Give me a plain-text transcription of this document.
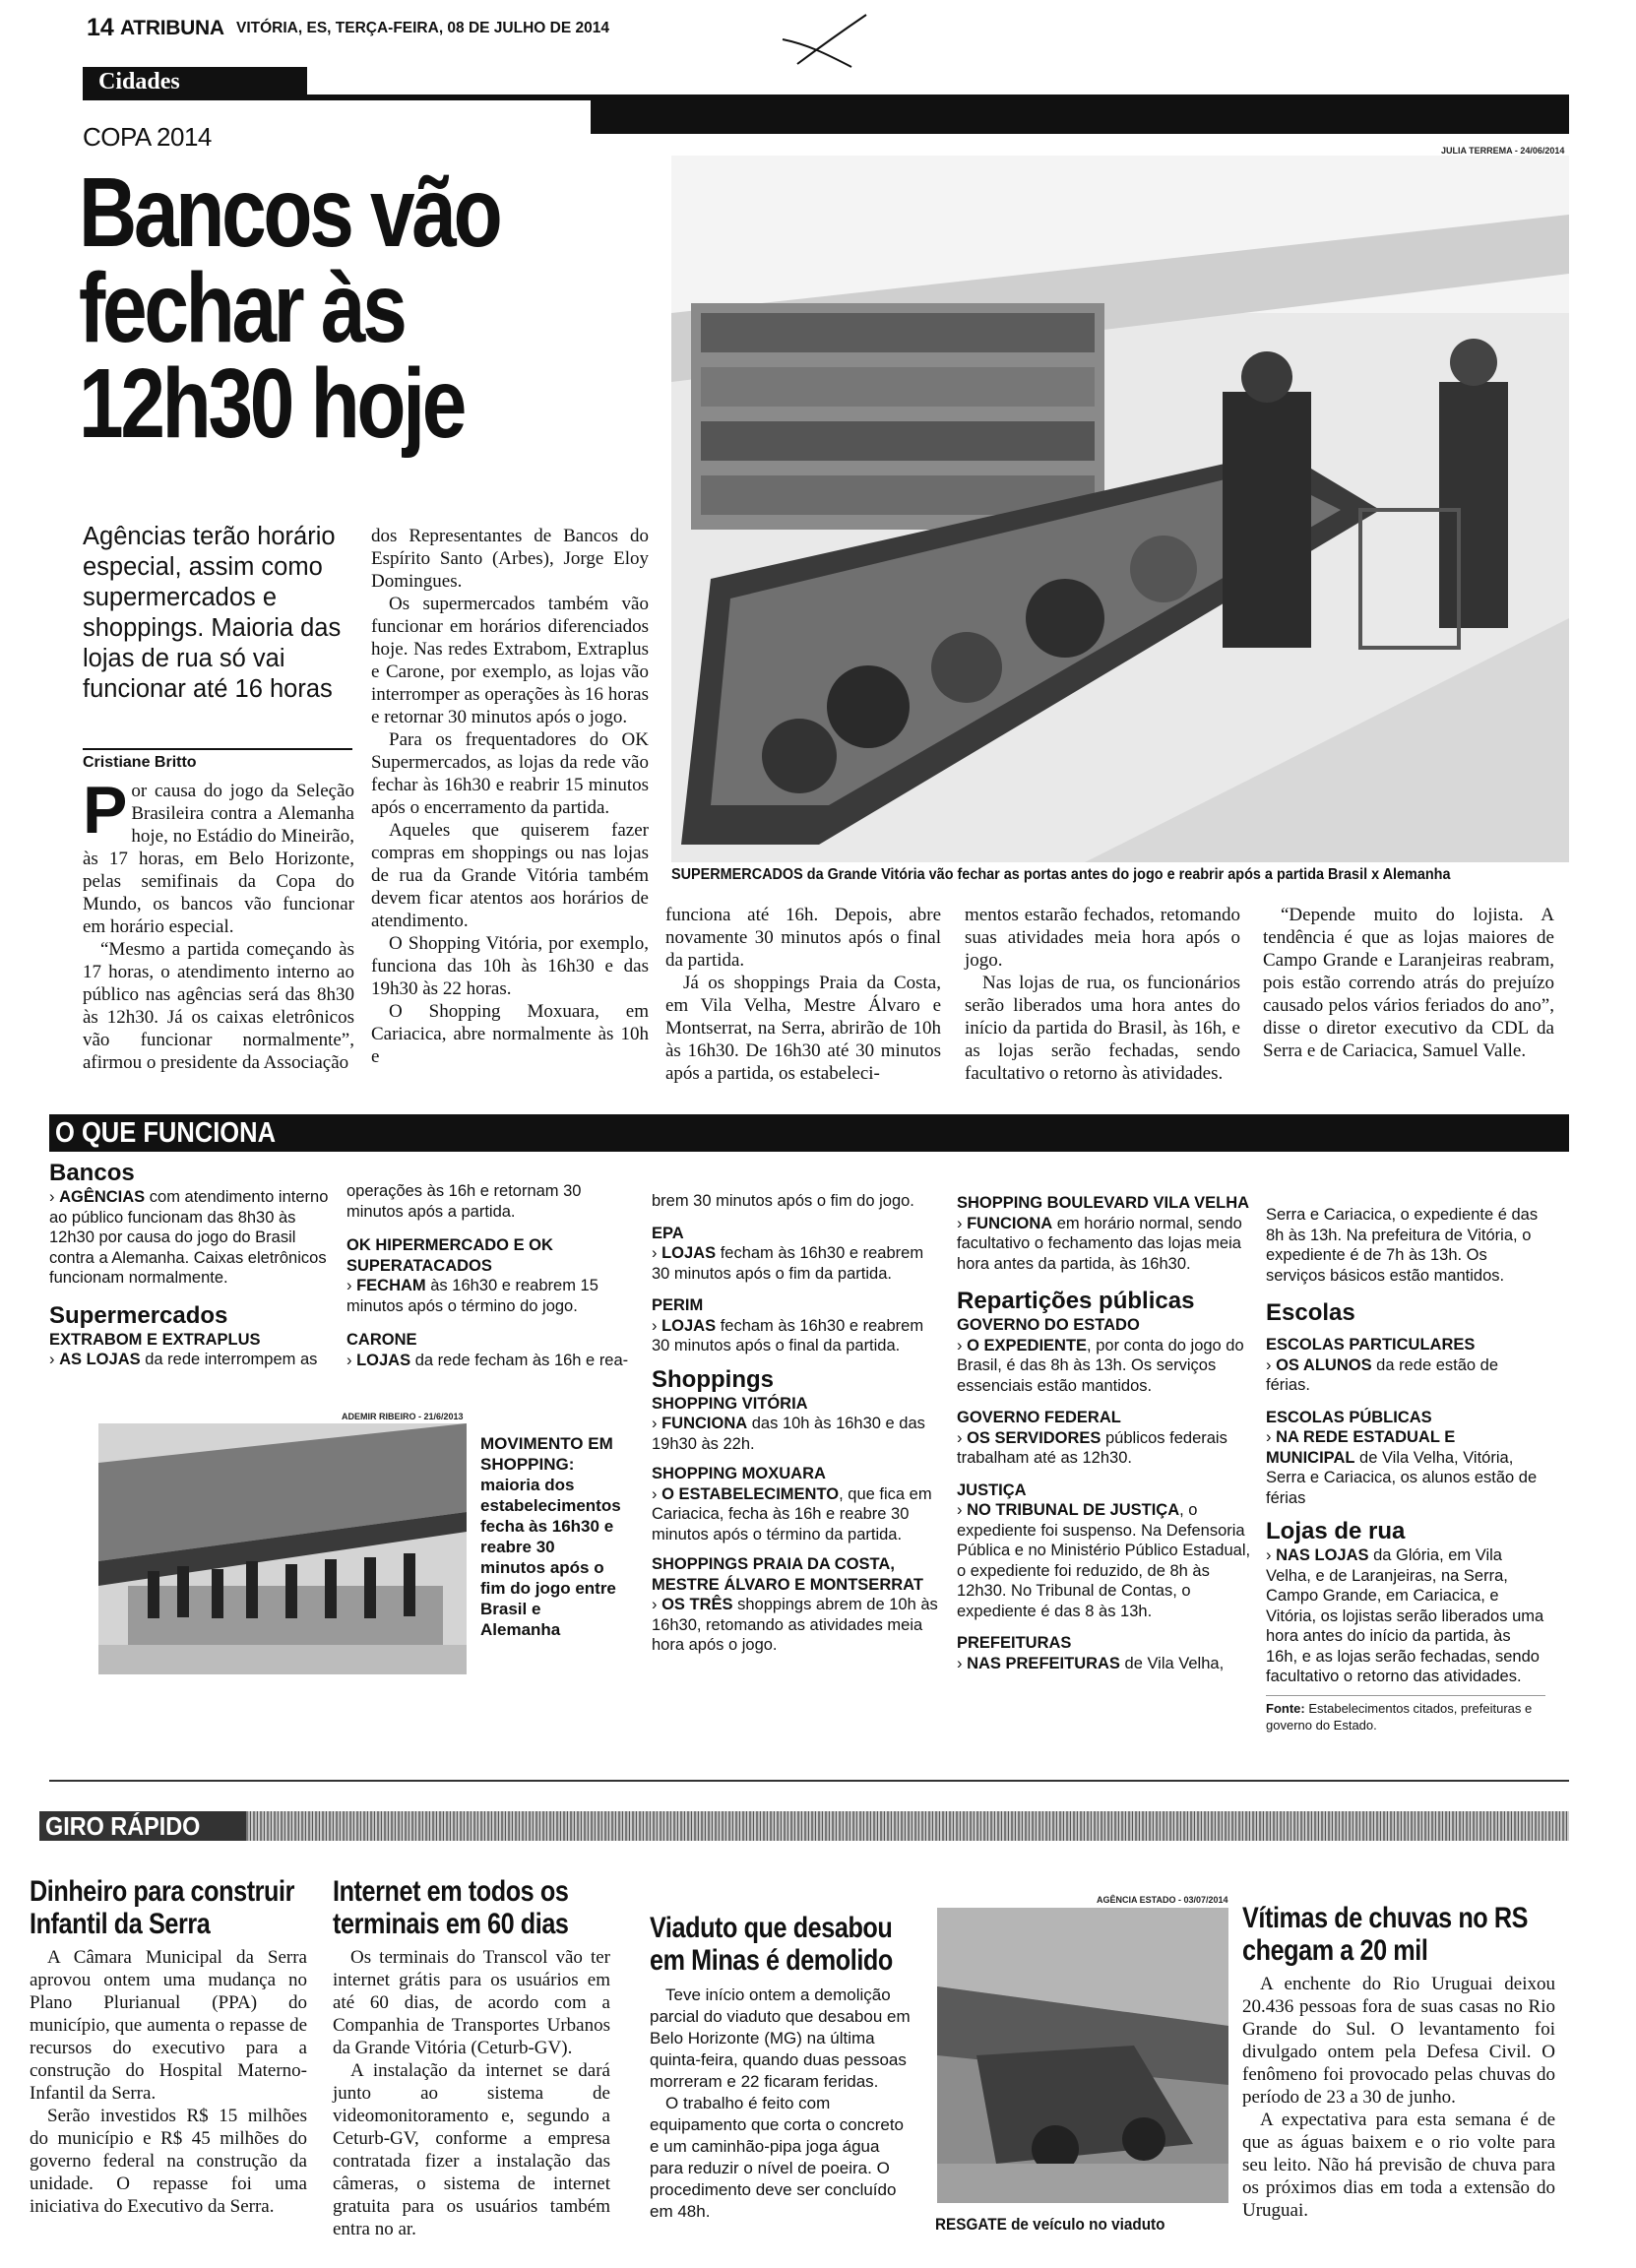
14 ATRIBUNA VITÓRIA, ES, TERÇA-FEIRA, 08 DE JULHO DE 2014
Cidades
COPA 2014
Bancos vão
fechar às
12h30 hoje
JULIA TERREMA - 24/06/2014
SUPERMERCADOS da Grande Vitória vão fechar as portas antes do jogo e reabrir após a partida Brasil x Alemanha
Agências terão horário especial, assim como supermercados e shoppings. Maioria das lojas de rua só vai funcionar até 16 horas
Cristiane Britto

Por causa do jogo da Seleção Brasileira contra a Alemanha hoje, no Estádio do Mineirão, às 17 horas, em Belo Horizonte, pelas semifinais da Copa do Mundo, os bancos vão funcionar em horário especial.

“Mesmo a partida começando às 17 horas, o atendimento interno ao público nas agências será das 8h30 às 12h30. Já os caixas eletrônicos vão funcionar normalmente”, afirmou o presidente da Associação

dos Representantes de Bancos do Espírito Santo (Arbes), Jorge Eloy Domingues.

Os supermercados também vão funcionar em horários diferenciados hoje. Nas redes Extrabom, Extraplus e Carone, por exemplo, as lojas vão interromper as operações às 16 horas e retornar 30 minutos após o jogo.

Para os frequentadores do OK Supermercados, as lojas da rede vão fechar às 16h30 e reabrir 15 minutos após o encerramento da partida.

Aqueles que quiserem fazer compras em shoppings ou nas lojas de rua da Grande Vitória também devem ficar atentos aos horários de atendimento.

O Shopping Vitória, por exemplo, funciona das 10h às 16h30 e das 19h30 às 22 horas.

O Shopping Moxuara, em Cariacica, abre normalmente às 10h e

funciona até 16h. Depois, abre novamente 30 minutos após o final da partida.

Já os shoppings Praia da Costa, em Vila Velha, Mestre Álvaro e Montserrat, na Serra, abrirão de 10h às 16h30. De 16h30 até 30 minutos após a partida, os estabeleci-

mentos estarão fechados, retomando suas atividades meia hora após o jogo.

Nas lojas de rua, os funcionários serão liberados uma hora antes do início da partida do Brasil, às 16h, e as lojas serão fechadas, sendo facultativo o retorno às atividades.

“Depende muito do lojista. A tendência é que as lojas maiores de Campo Grande e Laranjeiras reabram, pois estão correndo atrás do prejuízo causado pelos vários feriados do ano”, disse o diretor executivo da CDL da Serra e de Cariacica, Samuel Valle.

O QUE FUNCIONA
Bancos

› AGÊNCIAS com atendimento interno ao público funcionam das 8h30 às 12h30 por causa do jogo do Brasil contra a Alemanha. Caixas eletrônicos funcionam normalmente.

Supermercados
EXTRABOM E EXTRAPLUS

› AS LOJAS da rede interrompem as

operações às 16h e retornam 30 minutos após a partida.

OK HIPERMERCADO E OK SUPERATACADOS

› FECHAM às 16h30 e reabrem 15 minutos após o término do jogo.

CARONE

› LOJAS da rede fecham às 16h e rea-

ADEMIR RIBEIRO - 21/6/2013
MOVIMENTO EM SHOPPING:
maioria dos estabelecimentos fecha às 16h30 e reabre 30 minutos após o fim do jogo entre Brasil e Alemanha

brem 30 minutos após o fim do jogo.

EPA

› LOJAS fecham às 16h30 e reabrem 30 minutos após o fim da partida.

PERIM

› LOJAS fecham às 16h30 e reabrem 30 minutos após o final da partida.

Shoppings
SHOPPING VITÓRIA

› FUNCIONA das 10h às 16h30 e das 19h30 às 22h.

SHOPPING MOXUARA

› O ESTABELECIMENTO, que fica em Cariacica, fecha às 16h e reabre 30 minutos após o término da partida.

SHOPPINGS PRAIA DA COSTA, MESTRE ÁLVARO E MONTSERRAT

› OS TRÊS shoppings abrem de 10h às 16h30, retomando as atividades meia hora após o jogo.

SHOPPING BOULEVARD VILA VELHA

› FUNCIONA em horário normal, sendo facultativo o fechamento das lojas meia hora antes da partida, às 16h30.

Repartições públicas
GOVERNO DO ESTADO

› O EXPEDIENTE, por conta do jogo do Brasil, é das 8h às 13h. Os serviços essenciais estão mantidos.

GOVERNO FEDERAL

› OS SERVIDORES públicos federais trabalham até as 12h30.

JUSTIÇA

› NO TRIBUNAL DE JUSTIÇA, o expediente foi suspenso. Na Defensoria Pública e no Ministério Público Estadual, o expediente foi reduzido, de 8h às 12h30. No Tribunal de Contas, o expediente é das 8 às 13h.

PREFEITURAS

› NAS PREFEITURAS de Vila Velha,

Serra e Cariacica, o expediente é das 8h às 13h. Na prefeitura de Vitória, o expediente é de 7h às 13h. Os serviços básicos estão mantidos.

Escolas
ESCOLAS PARTICULARES

› OS ALUNOS da rede estão de férias.

ESCOLAS PÚBLICAS

› NA REDE ESTADUAL E MUNICIPAL de Vila Velha, Vitória, Serra e Cariacica, os alunos estão de férias

Lojas de rua

› NAS LOJAS da Glória, em Vila Velha, e de Laranjeiras, na Serra, Campo Grande, em Cariacica, e Vitória, os lojistas serão liberados uma hora antes do início da partida, às 16h, e as lojas serão fechadas, sendo facultativo o retorno das atividades.

Fonte: Estabelecimentos citados, prefeituras e governo do Estado.

GIRO RÁPIDO
Dinheiro para construir Infantil da Serra

A Câmara Municipal da Serra aprovou ontem uma mudança no Plano Plurianual (PPA) do município, que aumenta o repasse de recursos do executivo para a construção do Hospital Materno-Infantil da Serra.

Serão investidos R$ 15 milhões do município e R$ 45 milhões do governo federal na construção da unidade. O repasse foi uma iniciativa do Executivo da Serra.

Internet em todos os terminais em 60 dias

Os terminais do Transcol vão ter internet grátis para os usuários em até 60 dias, de acordo com a Companhia de Transportes Urbanos da Grande Vitória (Ceturb-GV).

A instalação da internet se dará junto ao sistema de videomonitoramento e, segundo a Ceturb-GV, conforme a empresa contratada fizer a instalação das câmeras, o sistema de internet gratuita para os usuários também entra no ar.

Viaduto que desabou em Minas é demolido

Teve início ontem a demolição parcial do viaduto que desabou em Belo Horizonte (MG) na última quinta-feira, quando duas pessoas morreram e 22 ficaram feridas.

O trabalho é feito com equipamento que corta o concreto e um caminhão-pipa joga água para reduzir o nível de poeira. O procedimento deve ser concluído em 48h.

AGÊNCIA ESTADO - 03/07/2014
RESGATE de veículo no viaduto
Vítimas de chuvas no RS chegam a 20 mil

A enchente do Rio Uruguai deixou 20.436 pessoas fora de suas casas no Rio Grande do Sul. O levantamento foi divulgado ontem pela Defesa Civil. O fenômeno foi provocado pelas chuvas do período de 23 a 30 de junho.

A expectativa para esta semana é de que as águas baixem e o rio volte para seu leito. Não há previsão de chuva para os próximos dias em toda a extensão do Uruguai.
